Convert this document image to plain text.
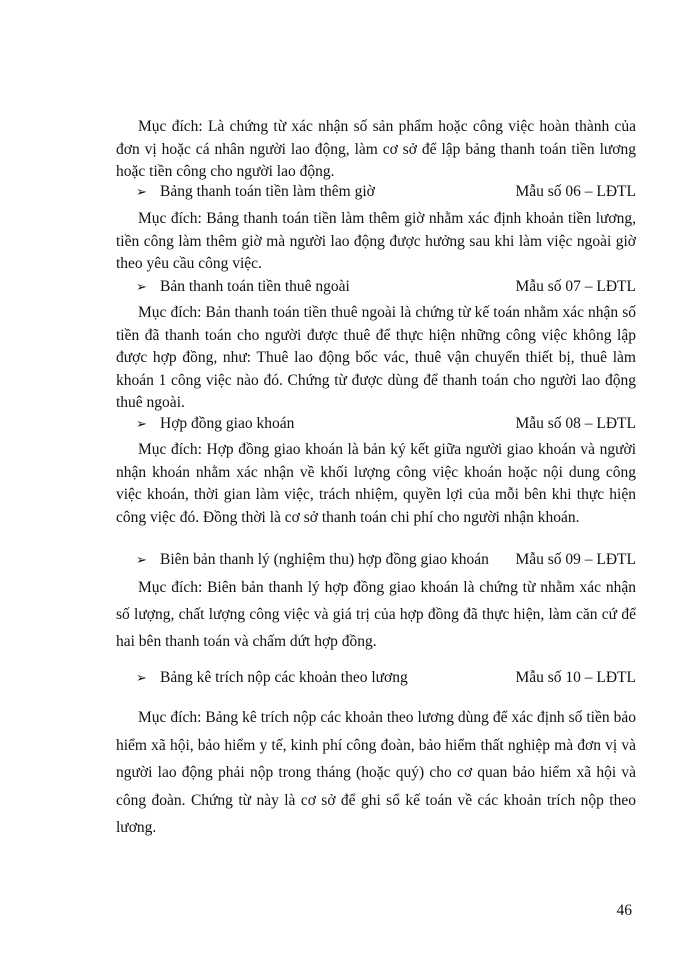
Mục đích: Là chứng từ xác nhận số sản phẩm hoặc công việc hoàn thành của đơn vị hoặc cá nhân người lao động, làm cơ sở để lập bảng thanh toán tiền lương hoặc tiền công cho người lao động.

➢ Bảng thanh toán tiền làm thêm giờ	Mẫu số 06 – LĐTL

Mục đích: Bảng thanh toán tiền làm thêm giờ nhằm xác định khoản tiền lương, tiền công làm thêm giờ mà người lao động được hưởng sau khi làm việc ngoài giờ theo yêu cầu công việc.

➢ Bản thanh toán tiền thuê ngoài	Mẫu số 07 – LĐTL

Mục đích: Bản thanh toán tiền thuê ngoài là chứng từ kế toán nhằm xác nhận số tiền đã thanh toán cho người được thuê để thực hiện những công việc không lập được hợp đồng, như: Thuê lao động bốc vác, thuê vận chuyển thiết bị, thuê làm khoán 1 công việc nào đó. Chứng từ được dùng để thanh toán cho người lao động thuê ngoài.

➢ Hợp đồng giao khoán	Mẫu số 08 – LĐTL

Mục đích: Hợp đồng giao khoán là bản ký kết giữa người giao khoán và người nhận khoán nhằm xác nhận về khối lượng công việc khoán hoặc nội dung công việc khoán, thời gian làm việc, trách nhiệm, quyền lợi của mỗi bên khi thực hiện công việc đó. Đồng thời là cơ sở thanh toán chi phí cho người nhận khoán.

➢ Biên bản thanh lý (nghiệm thu) hợp đồng giao khoán Mẫu số 09 – LĐTL

Mục đích: Biên bản thanh lý hợp đồng giao khoán là chứng từ nhằm xác nhận số lượng, chất lượng công việc và giá trị của hợp đồng đã thực hiện, làm căn cứ để hai bên thanh toán và chấm dứt hợp đồng.

➢ Bảng kê trích nộp các khoản theo lương	Mẫu số 10 – LĐTL

Mục đích: Bảng kê trích nộp các khoản theo lương dùng để xác định số tiền bảo hiểm xã hội, bảo hiểm y tế, kinh phí công đoàn, bảo hiểm thất nghiệp mà đơn vị và người lao động phải nộp trong tháng (hoặc quý) cho cơ quan bảo hiểm xã hội và công đoàn. Chứng từ này là cơ sở để ghi sổ kế toán về các khoản trích nộp theo lương.

46
